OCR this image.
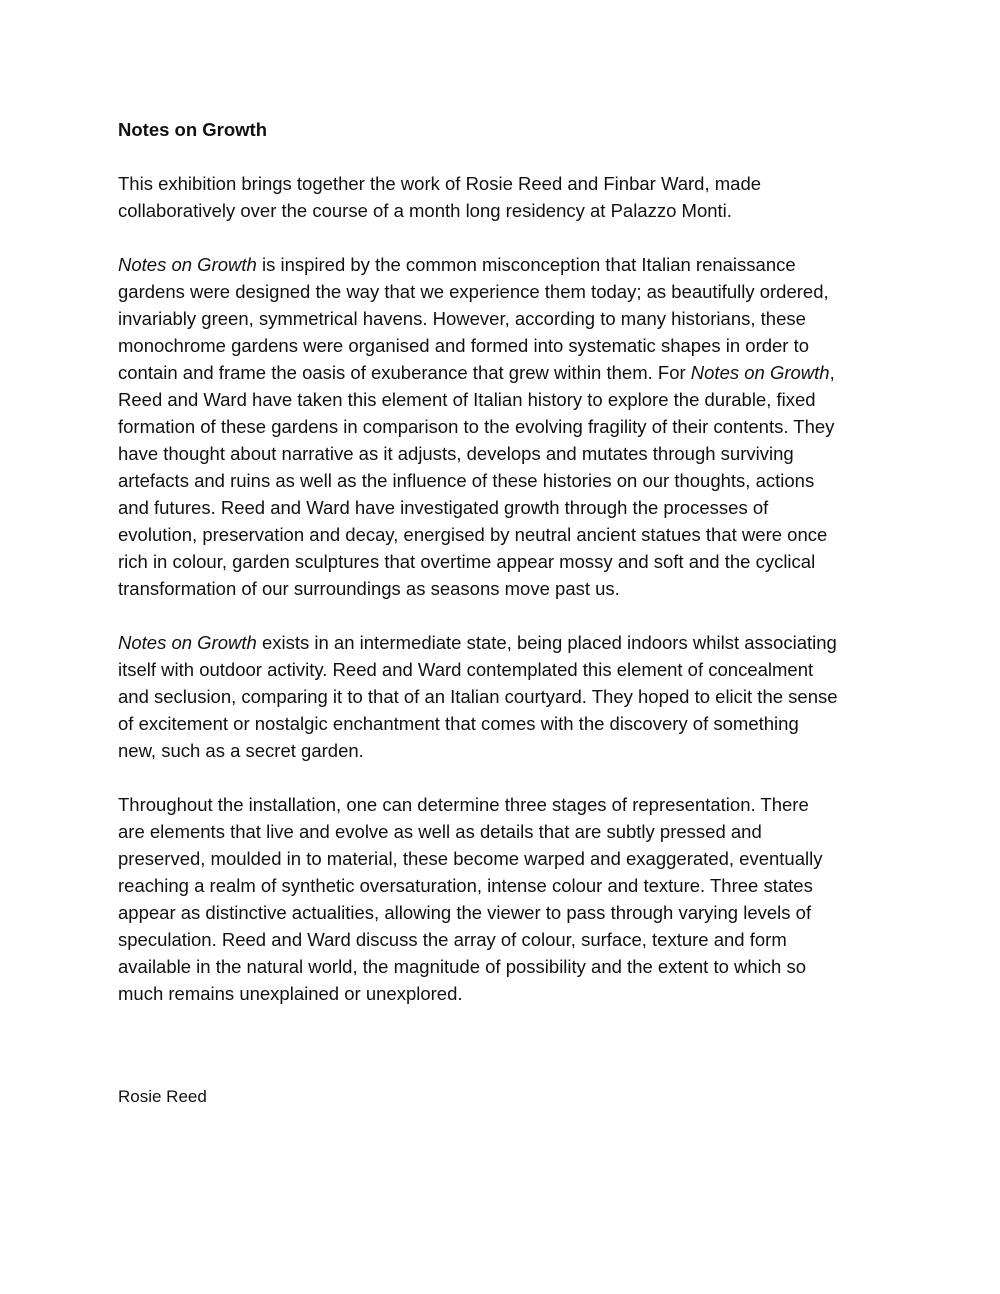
Notes on Growth

This exhibition brings together the work of Rosie Reed and Finbar Ward, made
collaboratively over the course of a month long residency at Palazzo Monti.

Notes on Growth is inspired by the common misconception that Italian renaissance
gardens were designed the way that we experience them today; as beautifully ordered,
invariably green, symmetrical havens. However, according to many historians, these
monochrome gardens were organised and formed into systematic shapes in order to
contain and frame the oasis of exuberance that grew within them. For Notes on Growth,
Reed and Ward have taken this element of Italian history to explore the durable, fixed
formation of these gardens in comparison to the evolving fragility of their contents. They
have thought about narrative as it adjusts, develops and mutates through surviving
artefacts and ruins as well as the influence of these histories on our thoughts, actions
and futures. Reed and Ward have investigated growth through the processes of
evolution, preservation and decay, energised by neutral ancient statues that were once
rich in colour, garden sculptures that overtime appear mossy and soft and the cyclical
transformation of our surroundings as seasons move past us.

Notes on Growth exists in an intermediate state, being placed indoors whilst associating
itself with outdoor activity. Reed and Ward contemplated this element of concealment
and seclusion, comparing it to that of an Italian courtyard. They hoped to elicit the sense
of excitement or nostalgic enchantment that comes with the discovery of something
new, such as a secret garden.

Throughout the installation, one can determine three stages of representation. There
are elements that live and evolve as well as details that are subtly pressed and
preserved, moulded in to material, these become warped and exaggerated, eventually
reaching a realm of synthetic oversaturation, intense colour and texture. Three states
appear as distinctive actualities, allowing the viewer to pass through varying levels of
speculation. Reed and Ward discuss the array of colour, surface, texture and form
available in the natural world, the magnitude of possibility and the extent to which so
much remains unexplained or unexplored.

Rosie Reed
